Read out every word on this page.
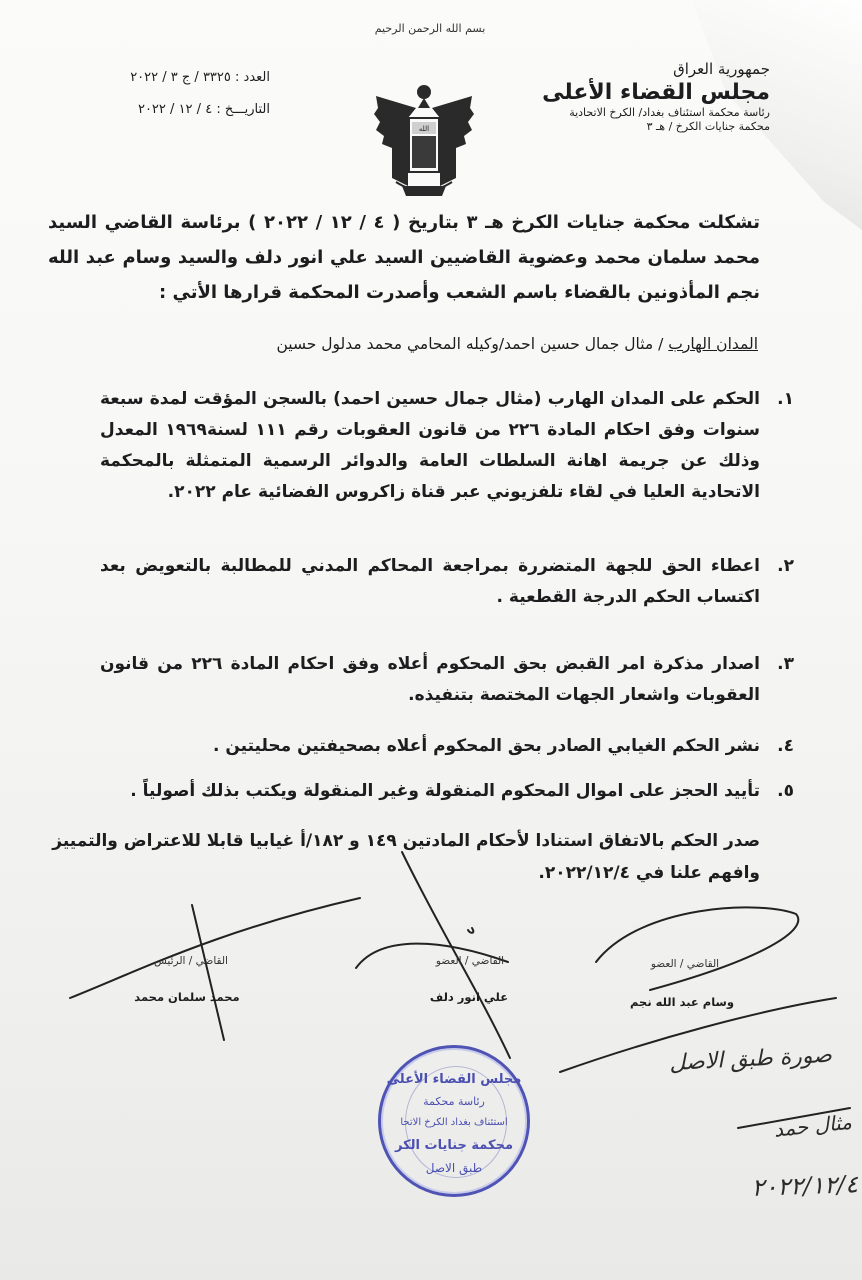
بسم الله الرحمن الرحيم
جمهورية العراق
مجلس القضاء الأعلى
رئاسة محكمة استئناف بغداد/ الكرخ الاتحادية
محكمة جنايات الكرخ / هـ ٣
العدد : ٣٣٢٥ / ج ٣ / ٢٠٢٢
التاريـــخ : ٤ / ١٢ / ٢٠٢٢
الله
تشكلت محكمة جنايات الكرخ هـ ٣ بتاريخ ( ٤ / ١٢ / ٢٠٢٢ ) برئاسة القاضي السيد محمد سلمان محمد وعضوية القاضيين السيد علي انور دلف والسيد وسام عبد الله نجم المأذونين بالقضاء باسم الشعب وأصدرت المحكمة قرارها الأتي :
المدان الهارب / مثال جمال حسين احمد/وكيله المحامي محمد مدلول حسين
١.
الحكم على المدان الهارب (مثال جمال حسين احمد) بالسجن المؤقت لمدة سبعة سنوات وفق احكام المادة ٢٢٦ من قانون العقوبات رقم ١١١ لسنة١٩٦٩ المعدل وذلك عن جريمة اهانة السلطات العامة والدوائر الرسمية المتمثلة بالمحكمة الاتحادية العليا في لقاء تلفزيوني عبر قناة زاكروس الفضائية عام ٢٠٢٢.
٢.
اعطاء الحق للجهة المتضررة بمراجعة المحاكم المدني للمطالبة بالتعويض بعد اكتساب الحكم الدرجة القطعية .
٣.
اصدار مذكرة امر القبض بحق المحكوم أعلاه وفق احكام المادة ٢٢٦ من قانون العقوبات واشعار الجهات المختصة بتنفيذه.
٤.
نشر الحكم الغيابي الصادر بحق المحكوم أعلاه بصحيفتين محليتين .
٥.
تأييد الحجز على اموال المحكوم المنقولة وغير المنقولة ويكتب بذلك أصولياً .
صدر الحكم بالاتفاق استنادا لأحكام المادتين ١٤٩ و ١٨٢/أ غيابيا قابلا للاعتراض والتمييز وافهم علنا في ٢٠٢٢/١٢/٤.
القاضي / الرئيس
محمد سلمان محمد
القاضي / العضو
علي انور دلف
القاضي / العضو
وسام عبد الله نجم
مجلس القضاء الأعلى
رئاسة محكمة
استئناف بغداد الكرخ الاتحا
محكمة جنايات الكر
طبق الاصل
صورة طبق الاصل
مثال حمد
٢٠٢٢/١٢/٤
